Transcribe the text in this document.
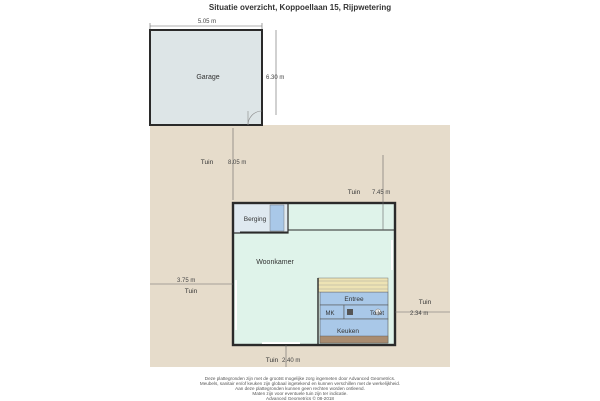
Situatie overzicht, Koppoellaan 15, Rijpwetering
Garage
Berging
Woonkamer
Entree
MK	Toilet
Keuken
Tuin
Tuin
Tuin
Tuin
Tuin
5.05 m
6.30 m
8.05 m
7.45 m
3.75 m
2.34 m
2.40 m
Deze plattegronden zijn met de grootst mogelijke zorg ingemeten door Advanced Geometrics.
Meubels, sanitair en/of keuken zijn globaal ingetekend en kunnen verschillen met de werkelijkheid.
Aan deze plattegronden kunnen geen rechten worden ontleend.
Maten zijn voor eventuele tuin zijn ter indicatie.
Advanced Geometrics © 08-2018
